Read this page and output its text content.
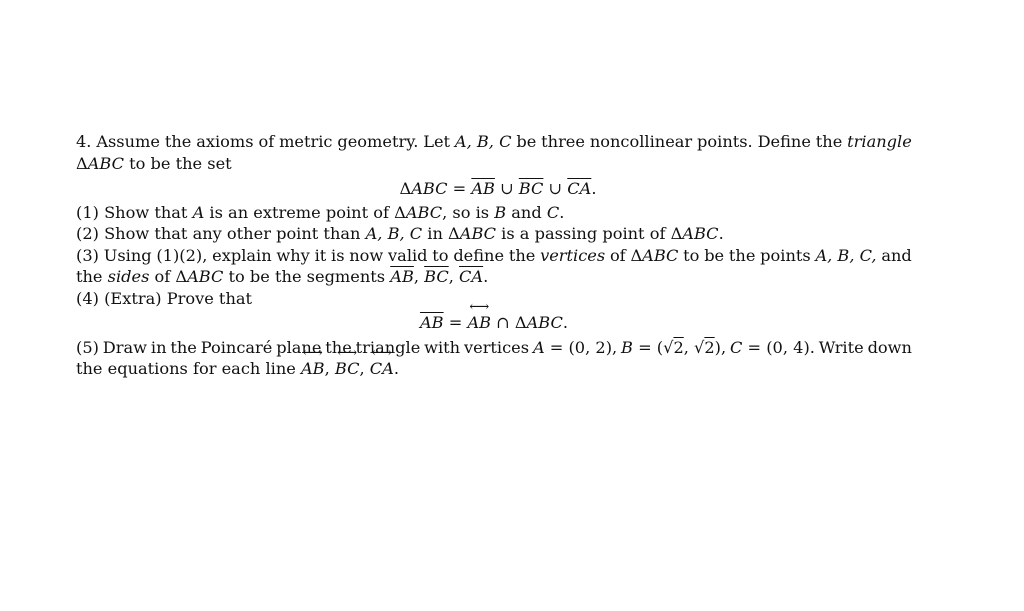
4. Assume the axioms of metric geometry. Let A, B, C be three noncollinear points. Define the triangle
ΔABC to be the set
$\Delta ABC = \overline{AB}$ ∪ $\overline{BC}$ ∪ $\overline{CA}$.
(1) Show that A is an extreme point of ΔABC, so is B and C.
(2) Show that any other point than A, B, C in ΔABC is a passing point of ΔABC.
(3) Using (1)(2), explain why it is now valid to define the vertices of ΔABC to be the points A, B, C, and
the sides of ΔABC to be the segments $\overline{AB}$, $\overline{BC}$, $\overline{CA}$.
(4) (Extra) Prove that
$\overline{AB}$ = ⟷ AB ∩ ΔABC.
(5) Draw in the Poincaré plane the triangle with vertices A = (0, 2), B = (√2, √2), C = (0, 4). Write down
the equations for each line ⟷ AB, ⟷ BC, ⟷ CA.
